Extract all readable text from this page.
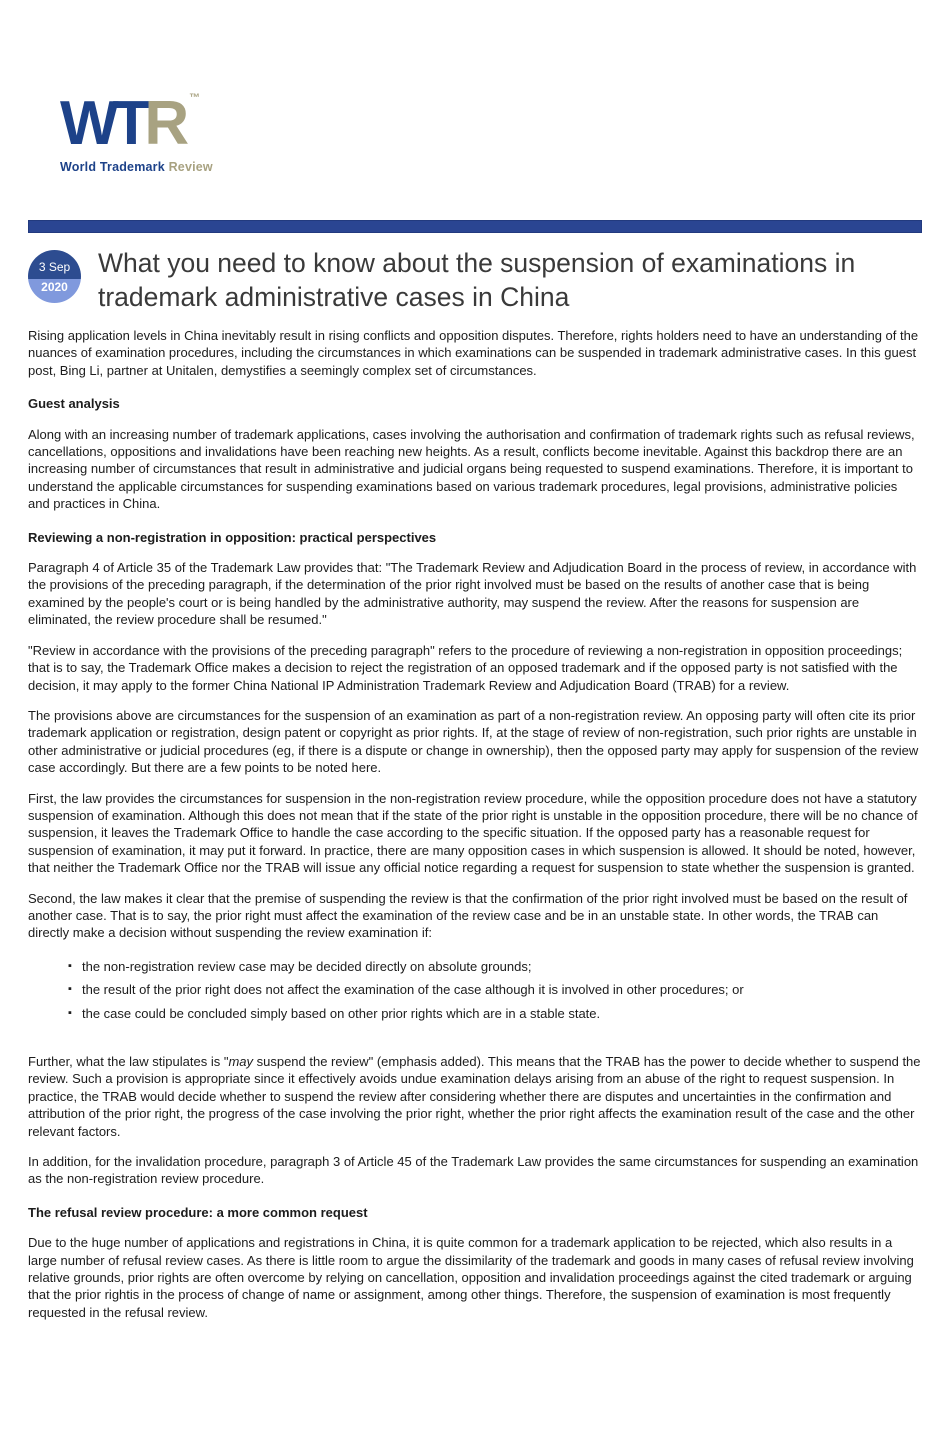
WTR ™
World Trademark Review
3 Sep
2020
What you need to know about the suspension of examinations in trademark administrative cases in China

Rising application levels in China inevitably result in rising conflicts and opposition disputes. Therefore, rights holders need to have an understanding of the nuances of examination procedures, including the circumstances in which examinations can be suspended in trademark administrative cases. In this guest post, Bing Li, partner at Unitalen, demystifies a seemingly complex set of circumstances.

Guest analysis

Along with an increasing number of trademark applications, cases involving the authorisation and confirmation of trademark rights such as refusal reviews, cancellations, oppositions and invalidations have been reaching new heights. As a result, conflicts become inevitable. Against this backdrop there are an increasing number of circumstances that result in administrative and judicial organs being requested to suspend examinations. Therefore, it is important to understand the applicable circumstances for suspending examinations based on various trademark procedures, legal provisions, administrative policies and practices in China.

Reviewing a non-registration in opposition: practical perspectives

Paragraph 4 of Article 35 of the Trademark Law provides that: "The Trademark Review and Adjudication Board in the process of review, in accordance with the provisions of the preceding paragraph, if the determination of the prior right involved must be based on the results of another case that is being examined by the people's court or is being handled by the administrative authority, may suspend the review. After the reasons for suspension are eliminated, the review procedure shall be resumed."

"Review in accordance with the provisions of the preceding paragraph" refers to the procedure of reviewing a non-registration in opposition proceedings; that is to say, the Trademark Office makes a decision to reject the registration of an opposed trademark and if the opposed party is not satisfied with the decision, it may apply to the former China National IP Administration Trademark Review and Adjudication Board (TRAB) for a review.

The provisions above are circumstances for the suspension of an examination as part of a non-registration review. An opposing party will often cite its prior trademark application or registration, design patent or copyright as prior rights. If, at the stage of review of non-registration, such prior rights are unstable in other administrative or judicial procedures (eg, if there is a dispute or change in ownership), then the opposed party may apply for suspension of the review case accordingly. But there are a few points to be noted here.

First, the law provides the circumstances for suspension in the non-registration review procedure, while the opposition procedure does not have a statutory suspension of examination. Although this does not mean that if the state of the prior right is unstable in the opposition procedure, there will be no chance of suspension, it leaves the Trademark Office to handle the case according to the specific situation. If the opposed party has a reasonable request for suspension of examination, it may put it forward. In practice, there are many opposition cases in which suspension is allowed. It should be noted, however, that neither the Trademark Office nor the TRAB will issue any official notice regarding a request for suspension to state whether the suspension is granted.

Second, the law makes it clear that the premise of suspending the review is that the confirmation of the prior right involved must be based on the result of another case. That is to say, the prior right must affect the examination of the review case and be in an unstable state. In other words, the TRAB can directly make a decision without suspending the review examination if:

▪ the non-registration review case may be decided directly on absolute grounds;
▪ the result of the prior right does not affect the examination of the case although it is involved in other procedures; or
▪ the case could be concluded simply based on other prior rights which are in a stable state.

Further, what the law stipulates is "may suspend the review" (emphasis added). This means that the TRAB has the power to decide whether to suspend the review. Such a provision is appropriate since it effectively avoids undue examination delays arising from an abuse of the right to request suspension. In practice, the TRAB would decide whether to suspend the review after considering whether there are disputes and uncertainties in the confirmation and attribution of the prior right, the progress of the case involving the prior right, whether the prior right affects the examination result of the case and the other relevant factors.

In addition, for the invalidation procedure, paragraph 3 of Article 45 of the Trademark Law provides the same circumstances for suspending an examination as the non-registration review procedure.

The refusal review procedure: a more common request

Due to the huge number of applications and registrations in China, it is quite common for a trademark application to be rejected, which also results in a large number of refusal review cases. As there is little room to argue the dissimilarity of the trademark and goods in many cases of refusal review involving relative grounds, prior rights are often overcome by relying on cancellation, opposition and invalidation proceedings against the cited trademark or arguing that the prior rightis in the process of change of name or assignment, among other things. Therefore, the suspension of examination is most frequently requested in the refusal review.
